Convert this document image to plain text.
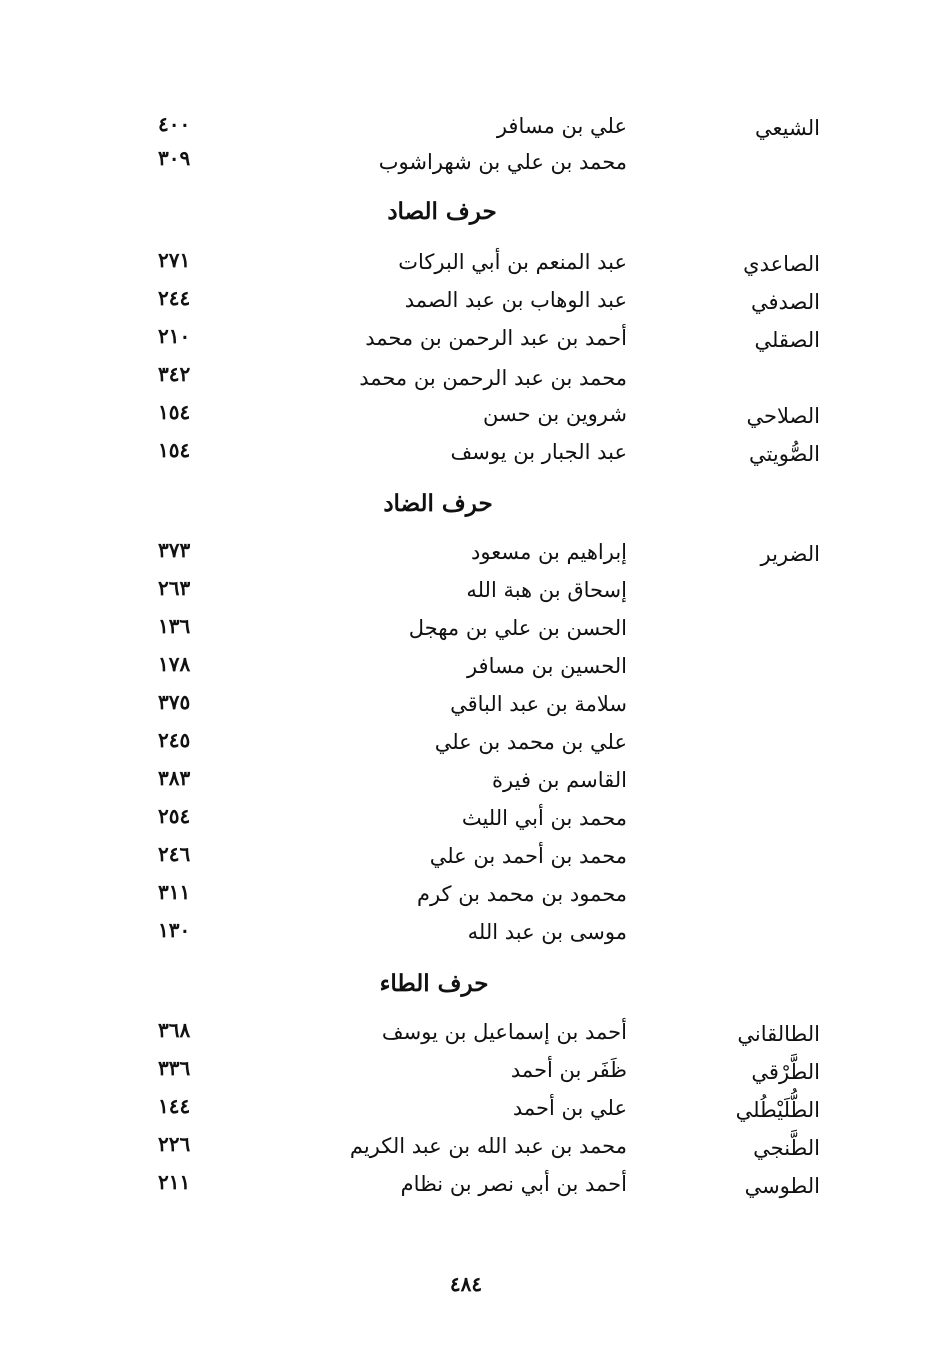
الشيعي
علي بن مسافر
٤٠٠
محمد بن علي بن شهراشوب
٣٠٩
حرف الصاد
الصاعدي
عبد المنعم بن أبي البركات
٢٧١
الصدفي
عبد الوهاب بن عبد الصمد
٢٤٤
الصقلي
أحمد بن عبد الرحمن بن محمد
٢١٠
محمد بن عبد الرحمن بن محمد
٣٤٢
الصلاحي
شروين بن حسن
١٥٤
الصُّويتي
عبد الجبار بن يوسف
١٥٤
حرف الضاد
الضرير
إبراهيم بن مسعود
٣٧٣
إسحاق بن هبة الله
٢٦٣
الحسن بن علي بن مهجل
١٣٦
الحسين بن مسافر
١٧٨
سلامة بن عبد الباقي
٣٧٥
علي بن محمد بن علي
٢٤٥
القاسم بن فيرة
٣٨٣
محمد بن أبي الليث
٢٥٤
محمد بن أحمد بن علي
٢٤٦
محمود بن محمد بن كرم
٣١١
موسى بن عبد الله
١٣٠
حرف الطاء
الطالقاني
أحمد بن إسماعيل بن يوسف
٣٦٨
الطَّرْقي
ظَفَر بن أحمد
٣٣٦
الطُّلَيْطُلي
علي بن أحمد
١٤٤
الطَّنجي
محمد بن عبد الله بن عبد الكريم
٢٢٦
الطوسي
أحمد بن أبي نصر بن نظام
٢١١
٤٨٤
